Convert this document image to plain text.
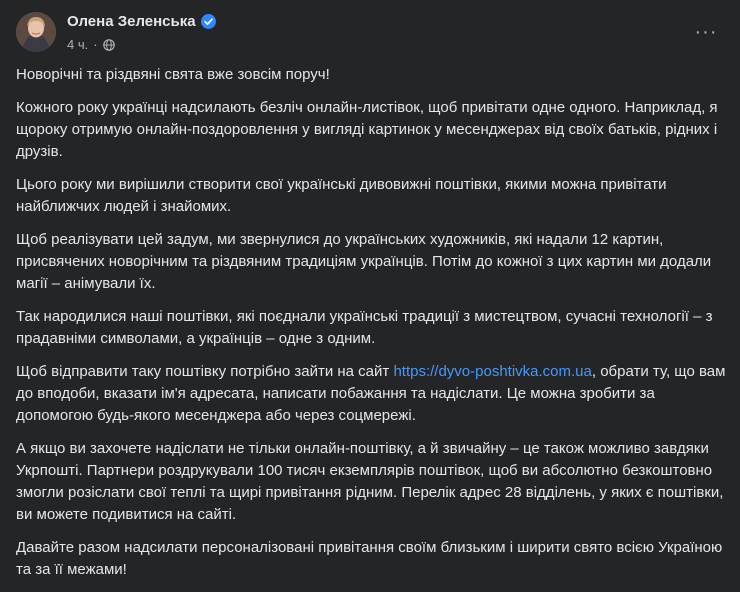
Олена Зеленська
4 ч. ·
···

Новорічні та різдвяні свята вже зовсім поруч!

Кожного року українці надсилають безліч онлайн-листівок, щоб привітати одне одного. Наприклад, я щороку отримую онлайн-поздоровлення у вигляді картинок у месенджерах від своїх батьків, рідних і друзів.

Цього року ми вирішили створити свої українські дивовижні поштівки, якими можна привітати найближчих людей і знайомих.

Щоб реалізувати цей задум, ми звернулися до українських художників, які надали 12 картин, присвячених новорічним та різдвяним традиціям українців. Потім до кожної з цих картин ми додали магії – анімували їх.

Так народилися наші поштівки, які поєднали українські традиції з мистецтвом, сучасні технології – з прадавніми символами, а українців – одне з одним.

Щоб відправити таку поштівку потрібно зайти на сайт https://dyvo-poshtivka.com.ua, обрати ту, що вам до вподоби, вказати ім'я адресата, написати побажання та надіслати. Це можна зробити за допомогою будь-якого месенджера або через соцмережі.

А якщо ви захочете надіслати не тільки онлайн-поштівку, а й звичайну – це також можливо завдяки Укрпошті. Партнери роздрукували 100 тисяч екземплярів поштівок, щоб ви абсолютно безкоштовно змогли розіслати свої теплі та щирі привітання рідним. Перелік адрес 28 відділень, у яких є поштівки, ви можете подивитися на сайті.

Давайте разом надсилати персоналізовані привітання своїм близьким і ширити свято всією Україною та за її межами!
